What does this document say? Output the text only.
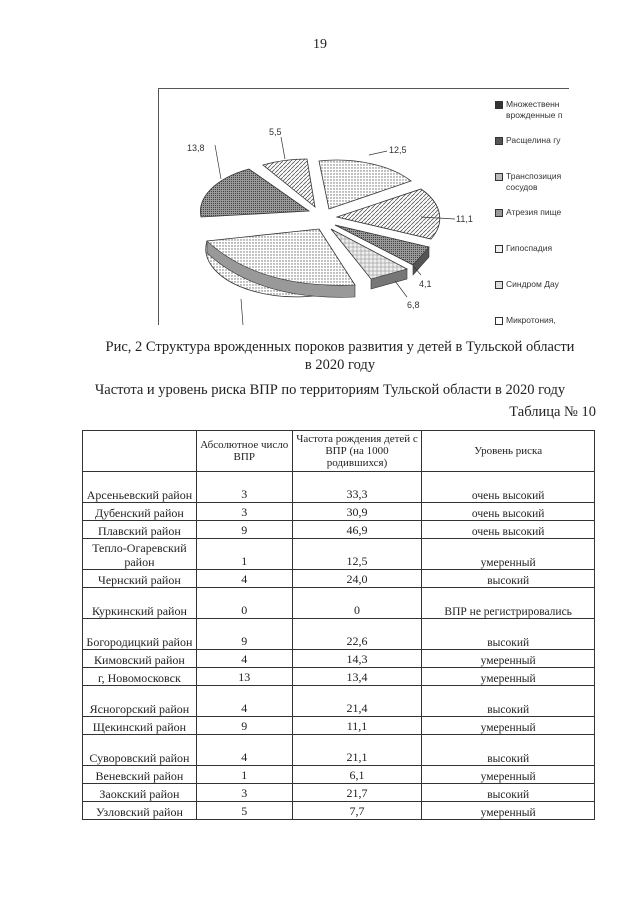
19
12,5
11,1
4,1
6,8
13,8
5,5
Множественн врожденные п
Расщелина гу
Транспозиция сосудов
Атрезия пище
Гипоспадия
Синдром Дау
Микротония,
Рис, 2 Структура врожденных пороков развития у детей в Тульской области
в 2020 году
Частота и уровень риска ВПР по территориям Тульской области в 2020 году
Таблица № 10
	Абсолютное число ВПР	Частота рождения детей с ВПР (на 1000 родившихся)	Уровень риска
Арсеньевский район	3	33,3	очень высокий
Дубенский район	3	30,9	очень высокий
Плавский район	9	46,9	очень высокий
Тепло-Огаревский район	1	12,5	умеренный
Чернский район	4	24,0	высокий
Куркинский район	0	0	ВПР не регистрировались
Богородицкий район	9	22,6	высокий
Кимовский район	4	14,3	умеренный
г, Новомосковск	13	13,4	умеренный
Ясногорский район	4	21,4	высокий
Щекинский район	9	11,1	умеренный
Суворовский район	4	21,1	высокий
Веневский район	1	6,1	умеренный
Заокский район	3	21,7	высокий
Узловский район	5	7,7	умеренный
